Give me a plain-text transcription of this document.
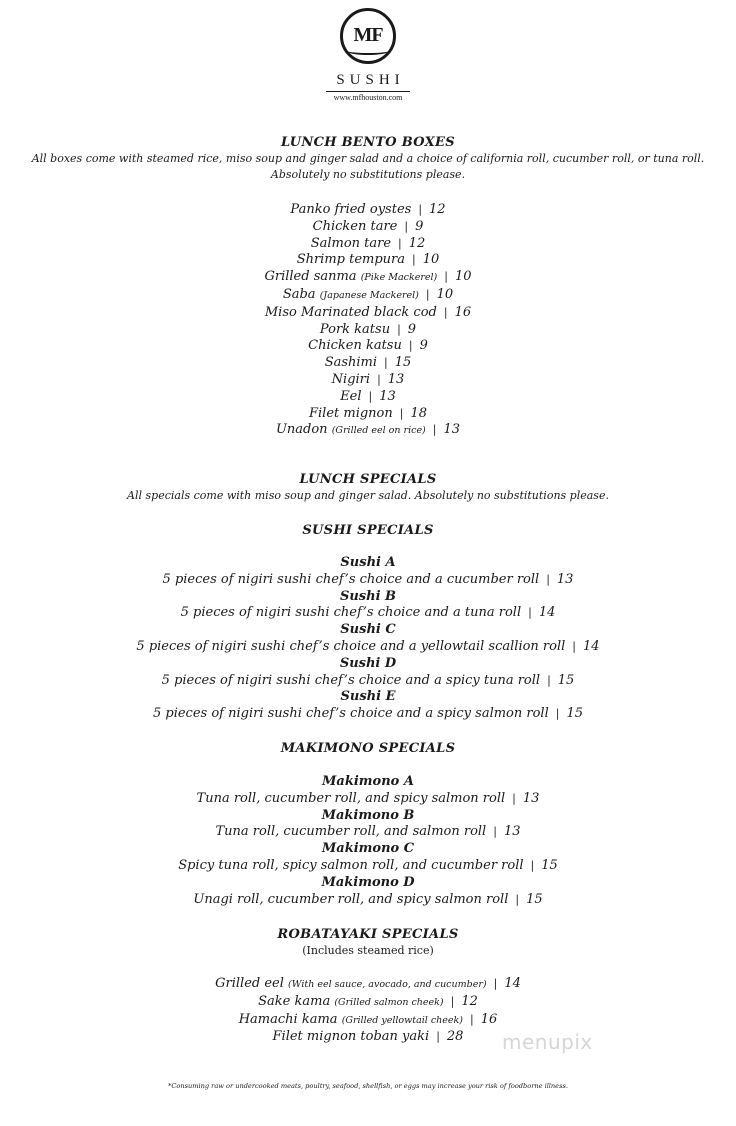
MF
SUSHI
www.mfhouston.com
LUNCH BENTO BOXES
All boxes come with steamed rice, miso soup and ginger salad and a choice of california roll, cucumber roll, or tuna roll.
Absolutely no substitutions please.
Panko fried oystes | 12
Chicken tare | 9
Salmon tare | 12
Shrimp tempura | 10
Grilled sanma (Pike Mackerel) | 10
Saba (Japanese Mackerel) | 10
Miso Marinated black cod | 16
Pork katsu | 9
Chicken katsu | 9
Sashimi | 15
Nigiri | 13
Eel | 13
Filet mignon | 18
Unadon (Grilled eel on rice) | 13
LUNCH SPECIALS
All specials come with miso soup and ginger salad. Absolutely no substitutions please.
SUSHI SPECIALS
Sushi A
5 pieces of nigiri sushi chef’s choice and a cucumber roll | 13
Sushi B
5 pieces of nigiri sushi chef’s choice and a tuna roll | 14
Sushi C
5 pieces of nigiri sushi chef’s choice and a yellowtail scallion roll | 14
Sushi D
5 pieces of nigiri sushi chef’s choice and a spicy tuna roll | 15
Sushi E
5 pieces of nigiri sushi chef’s choice and a spicy salmon roll | 15
MAKIMONO SPECIALS
Makimono A
Tuna roll, cucumber roll, and spicy salmon roll | 13
Makimono B
Tuna roll, cucumber roll, and salmon roll | 13
Makimono C
Spicy tuna roll, spicy salmon roll, and cucumber roll | 15
Makimono D
Unagi roll, cucumber roll, and spicy salmon roll | 15
ROBATAYAKI SPECIALS
(Includes steamed rice)
Grilled eel (With eel sauce, avocado, and cucumber) | 14
Sake kama (Grilled salmon cheek) | 12
Hamachi kama (Grilled yellowtail cheek) | 16
Filet mignon toban yaki | 28	menupix
*Consuming raw or undercooked meats, poultry, seafood, shellfish, or eggs may increase your risk of foodborne illness.
